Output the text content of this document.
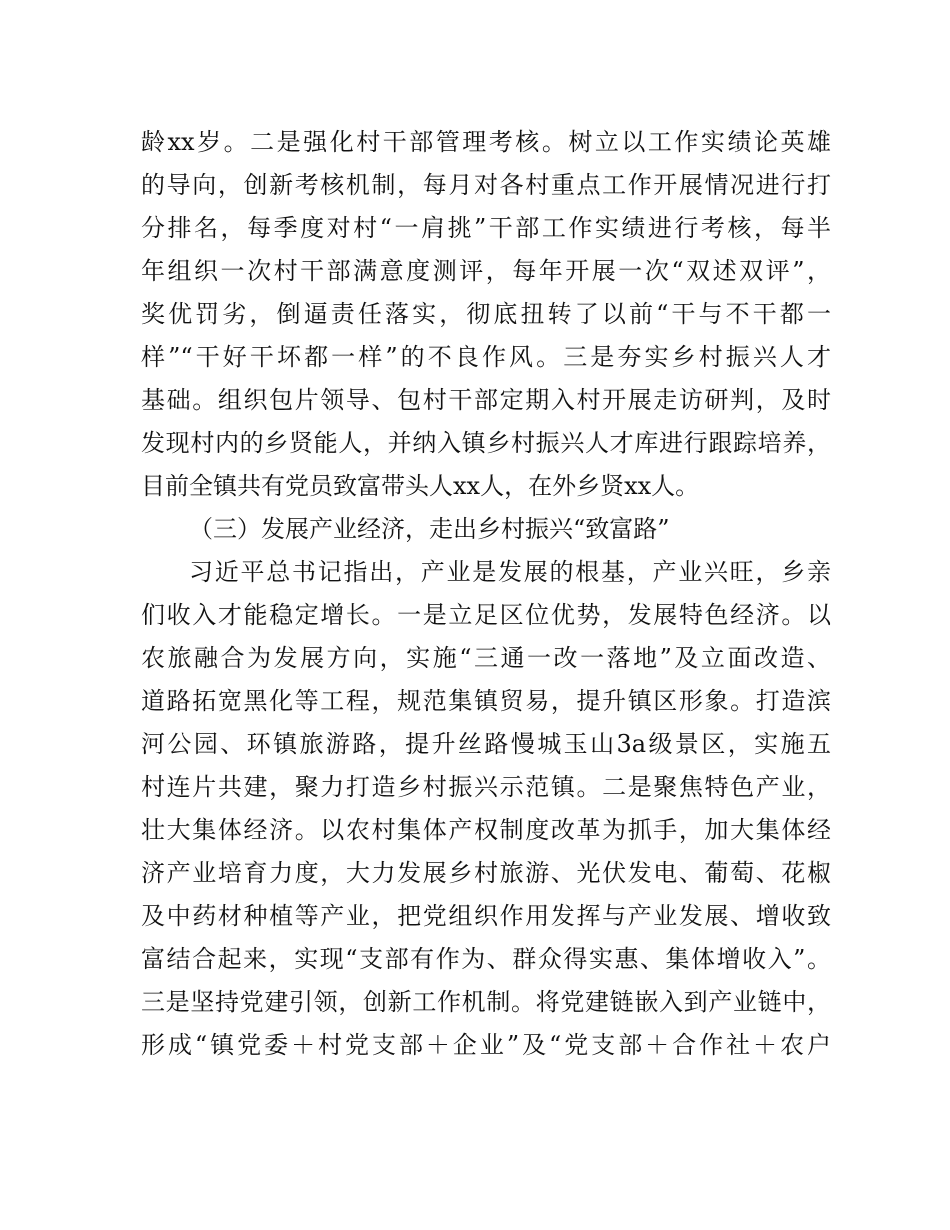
龄xx岁。二是强化村干部管理考核。树立以工作实绩论英雄
的导向，创新考核机制，每月对各村重点工作开展情况进行打
分排名，每季度对村“一肩挑”干部工作实绩进行考核，每半
年组织一次村干部满意度测评，每年开展一次“双述双评”，
奖优罚劣，倒逼责任落实，彻底扭转了以前“干与不干都一
样”“干好干坏都一样”的不良作风。三是夯实乡村振兴人才
基础。组织包片领导、包村干部定期入村开展走访研判，及时
发现村内的乡贤能人，并纳入镇乡村振兴人才库进行跟踪培养，
目前全镇共有党员致富带头人xx人，在外乡贤xx人。
（三）发展产业经济，走出乡村振兴“致富路”
习近平总书记指出，产业是发展的根基，产业兴旺，乡亲
们收入才能稳定增长。一是立足区位优势，发展特色经济。以
农旅融合为发展方向，实施“三通一改一落地”及立面改造、
道路拓宽黑化等工程，规范集镇贸易，提升镇区形象。打造滨
河公园、环镇旅游路，提升丝路慢城玉山3a级景区，实施五
村连片共建，聚力打造乡村振兴示范镇。二是聚焦特色产业，
壮大集体经济。以农村集体产权制度改革为抓手，加大集体经
济产业培育力度，大力发展乡村旅游、光伏发电、葡萄、花椒
及中药材种植等产业，把党组织作用发挥与产业发展、增收致
富结合起来，实现“支部有作为、群众得实惠、集体增收入”。
三是坚持党建引领，创新工作机制。将党建链嵌入到产业链中，
形成“镇党委＋村党支部＋企业”及“党支部＋合作社＋农户
